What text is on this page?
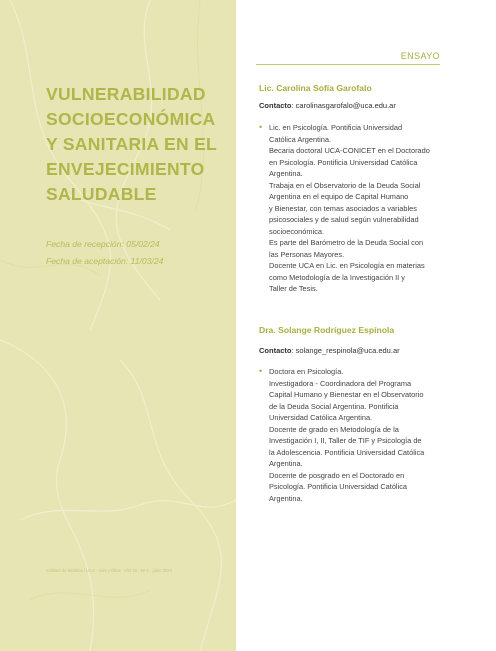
VULNERABILIDAD
SOCIOECONÓMICA
Y SANITARIA EN EL
ENVEJECIMIENTO
SALUDABLE
Fecha de recepción: 05/02/24
Fecha de aceptación: 11/03/24
Instituto de Bioética / UCA · Vida y Ética · Año 25 · Nº 1 · junio 2024
ENSAYO
Lic. Carolina Sofía Garofalo
Contacto: carolinasgarofalo@uca.edu.ar
• Lic. en Psicología. Pontificia Universidad
Católica Argentina.
Becaria doctoral UCA-CONICET en el Doctorado
en Psicología. Pontificia Universidad Católica
Argentina.
Trabaja en el Observatorio de la Deuda Social
Argentina en el equipo de Capital Humano
y Bienestar, con temas asociados a variables
psicosociales y de salud según vulnerabilidad
socioeconómica.
Es parte del Barómetro de la Deuda Social con
las Personas Mayores.
Docente UCA en Lic. en Psicología en materias
como Metodología de la Investigación II y
Taller de Tesis.
Dra. Solange Rodríguez Espínola
Contacto: solange_respinola@uca.edu.ar
• Doctora en Psicología.
Investigadora - Coordinadora del Programa
Capital Humano y Bienestar en el Observatorio
de la Deuda Social Argentina. Pontificia
Universidad Católica Argentina.
Docente de grado en Metodología de la
Investigación I, II, Taller de TIF y Psicología de
la Adolescencia. Pontificia Universidad Católica
Argentina.
Docente de posgrado en el Doctorado en
Psicología. Pontificia Universidad Católica
Argentina.
